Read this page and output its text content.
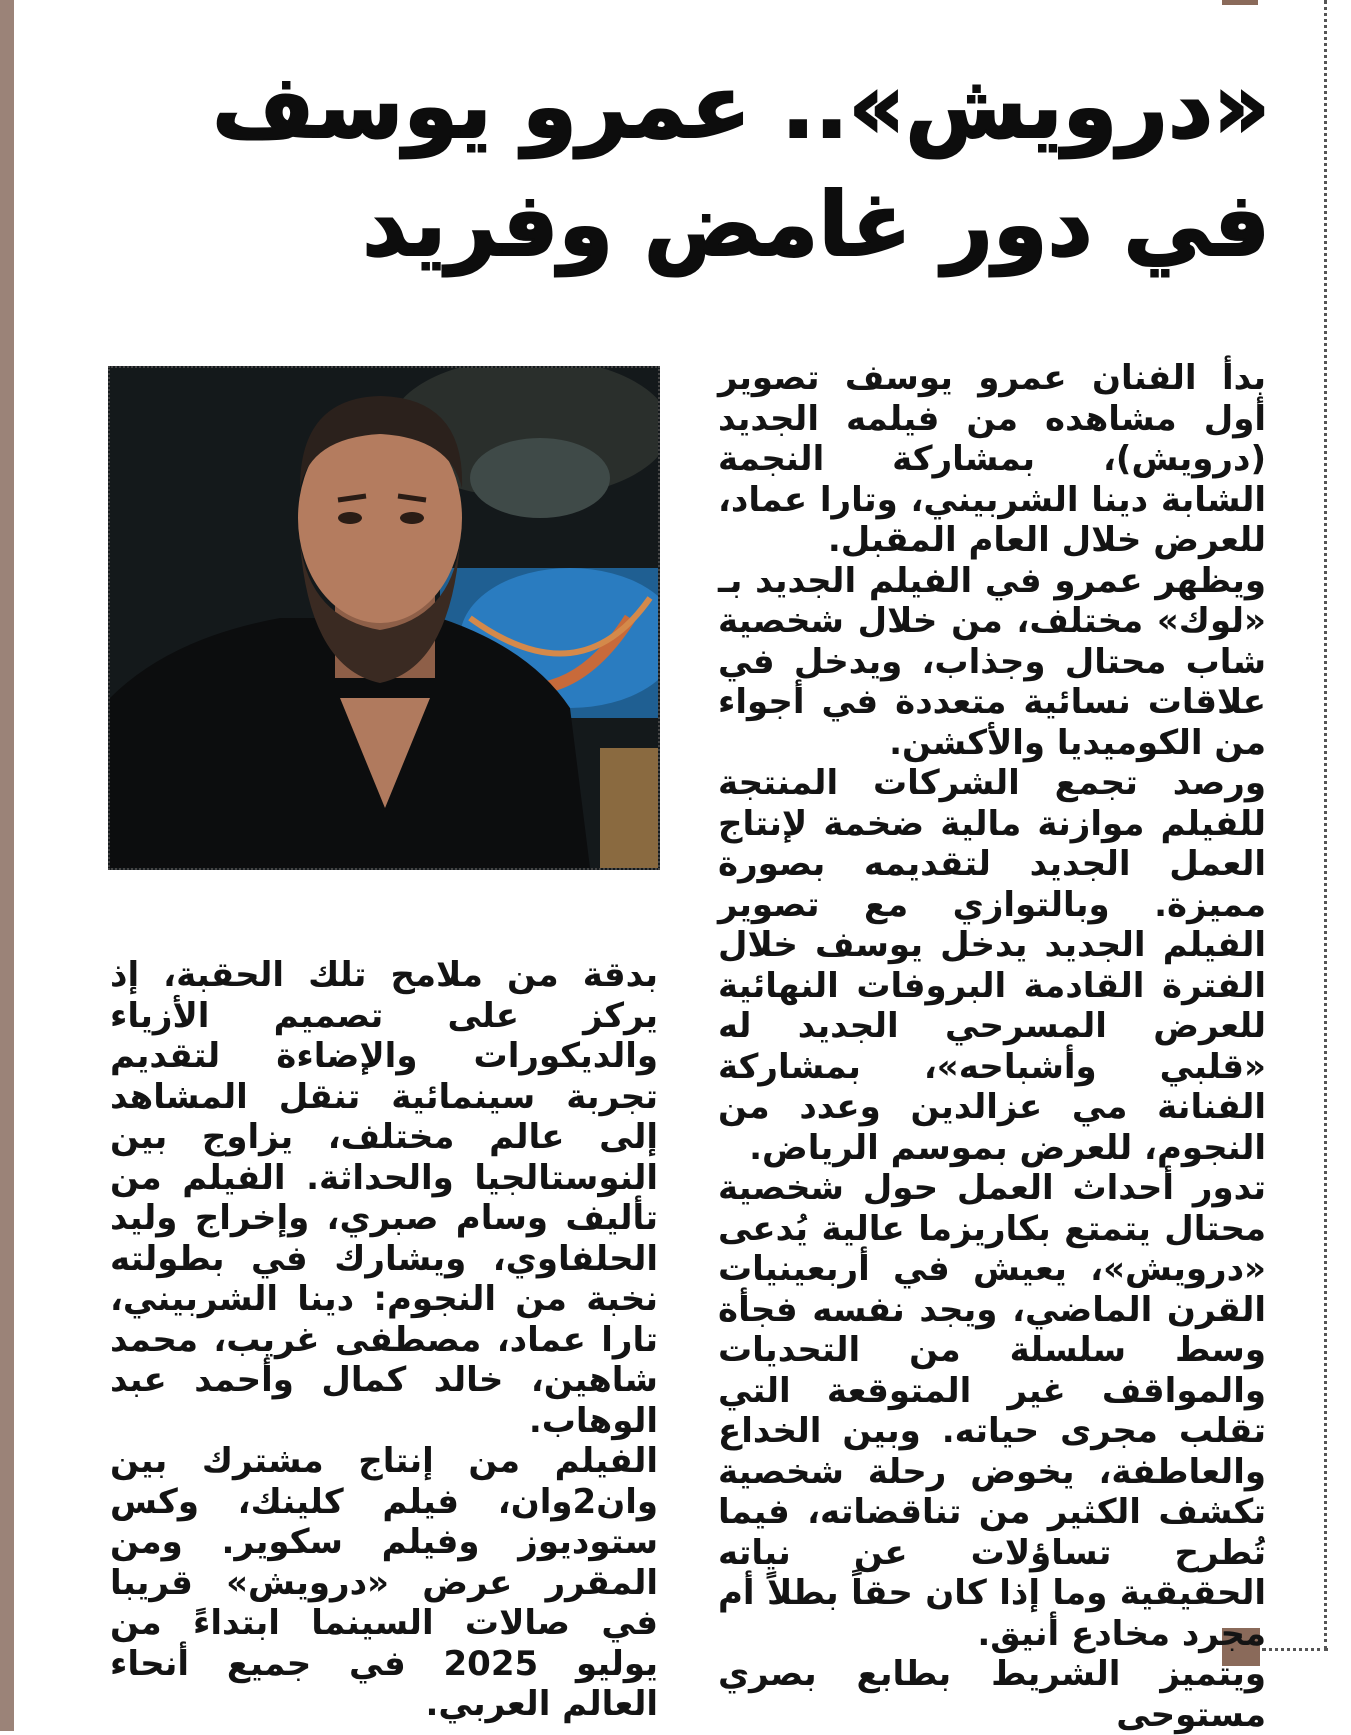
«درويش».. عمرو يوسف
في دور غامض وفريد

بدأ الفنان عمرو يوسف تصوير أول مشاهده من فيلمه الجديد (درويش)، بمشاركة النجمة الشابة دينا الشربيني، وتارا عماد، للعرض خلال العام المقبل.

ويظهر عمرو في الفيلم الجديد بـ «لوك» مختلف، من خلال شخصية شاب محتال وجذاب، ويدخل في علاقات نسائية متعددة في أجواء من الكوميديا والأكشن.

ورصد تجمع الشركات المنتجة للفيلم موازنة مالية ضخمة لإنتاج العمل الجديد لتقديمه بصورة مميزة. وبالتوازي مع تصوير الفيلم الجديد يدخل يوسف خلال الفترة القادمة البروفات النهائية للعرض المسرحي الجديد له «قلبي وأشباحه»، بمشاركة الفنانة مي عزالدين وعدد من النجوم، للعرض بموسم الرياض.

تدور أحداث العمل حول شخصية محتال يتمتع بكاريزما عالية يُدعى «درويش»، يعيش في أربعينيات القرن الماضي، ويجد نفسه فجأة وسط سلسلة من التحديات والمواقف غير المتوقعة التي تقلب مجرى حياته. وبين الخداع والعاطفة، يخوض رحلة شخصية تكشف الكثير من تناقضاته، فيما تُطرح تساؤلات عن نياته الحقيقية وما إذا كان حقاً بطلاً أم مجرد مخادع أنيق.

ويتميز الشريط بطابع بصري مستوحى

بدقة من ملامح تلك الحقبة، إذ يركز على تصميم الأزياء والديكورات والإضاءة لتقديم تجربة سينمائية تنقل المشاهد إلى عالم مختلف، يزاوج بين النوستالجيا والحداثة. الفيلم من تأليف وسام صبري، وإخراج وليد الحلفاوي، ويشارك في بطولته نخبة من النجوم: دينا الشربيني، تارا عماد، مصطفى غريب، محمد شاهين، خالد كمال وأحمد عبد الوهاب.

الفيلم من إنتاج مشترك بين وان2وان، فيلم كلينك، وكس ستوديوز وفيلم سكوير. ومن المقرر عرض «درويش» قريبا في صالات السينما ابتداءً من يوليو 2025 في جميع أنحاء العالم العربي.
